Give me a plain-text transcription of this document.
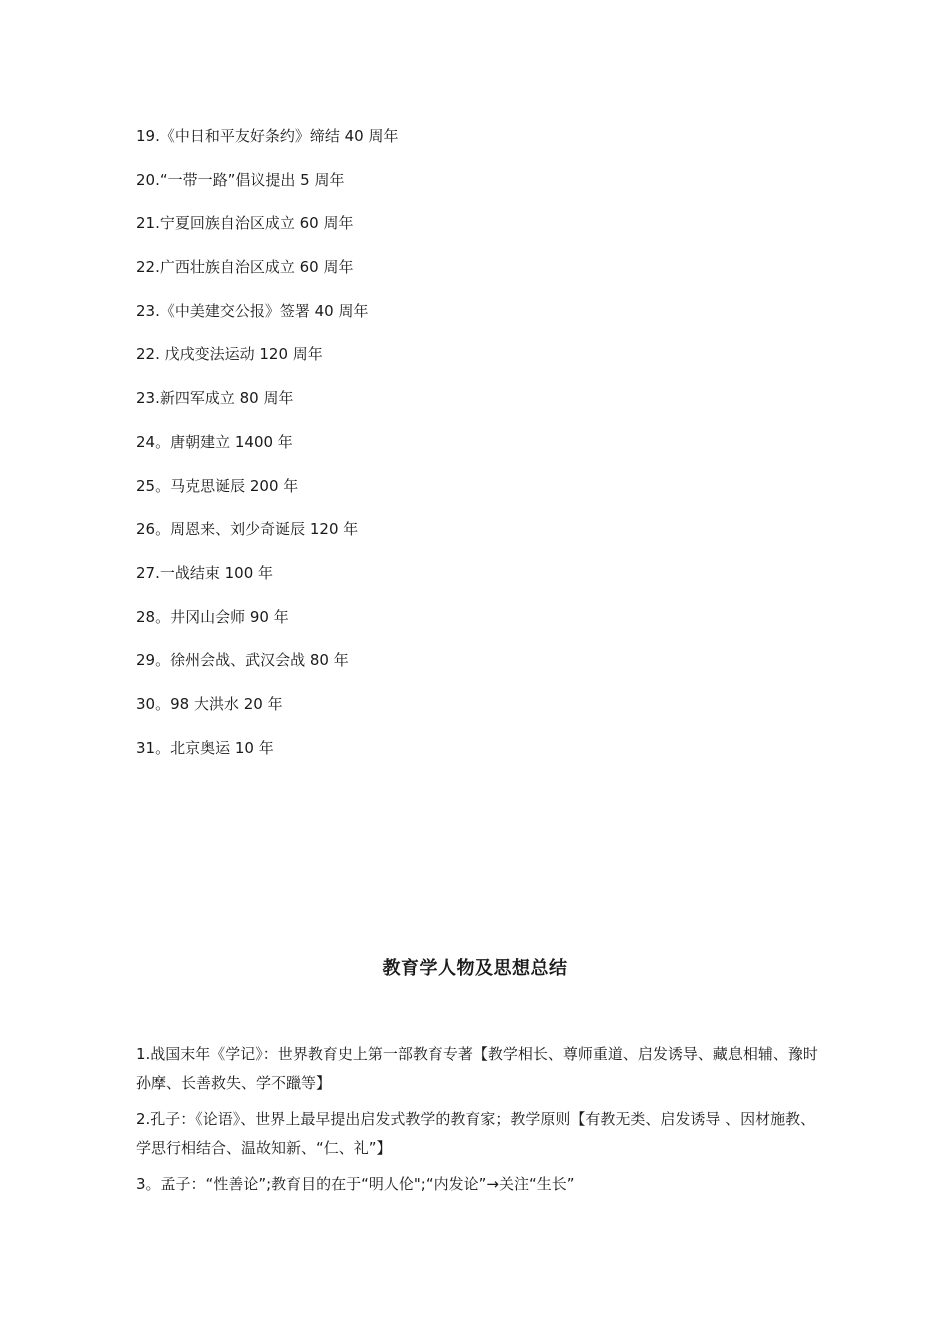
19.《中日和平友好条约》缔结 40 周年
20.“一带一路”倡议提出 5 周年
21.宁夏回族自治区成立 60 周年
22.广西壮族自治区成立 60 周年
23.《中美建交公报》签署 40 周年
22. 戊戌变法运动 120 周年
23.新四军成立 80 周年
24。唐朝建立 1400 年
25。马克思诞辰 200 年
26。周恩来、刘少奇诞辰 120 年
27.一战结束 100 年
28。井冈山会师 90 年
29。徐州会战、武汉会战 80 年
30。98 大洪水 20 年
31。北京奥运 10 年
教育学人物及思想总结

1.战国末年《学记》：世界教育史上第一部教育专著【教学相长、尊师重道、启发诱导、藏息相辅、豫时孙摩、长善救失、学不躐等】

2.孔子：《论语》、世界上最早提出启发式教学的教育家；教学原则【有教无类、启发诱导 、因材施教、学思行相结合、温故知新、“仁、礼”】

3。孟子：“性善论”;教育目的在于“明人伦";“内发论”→关注“生长”
